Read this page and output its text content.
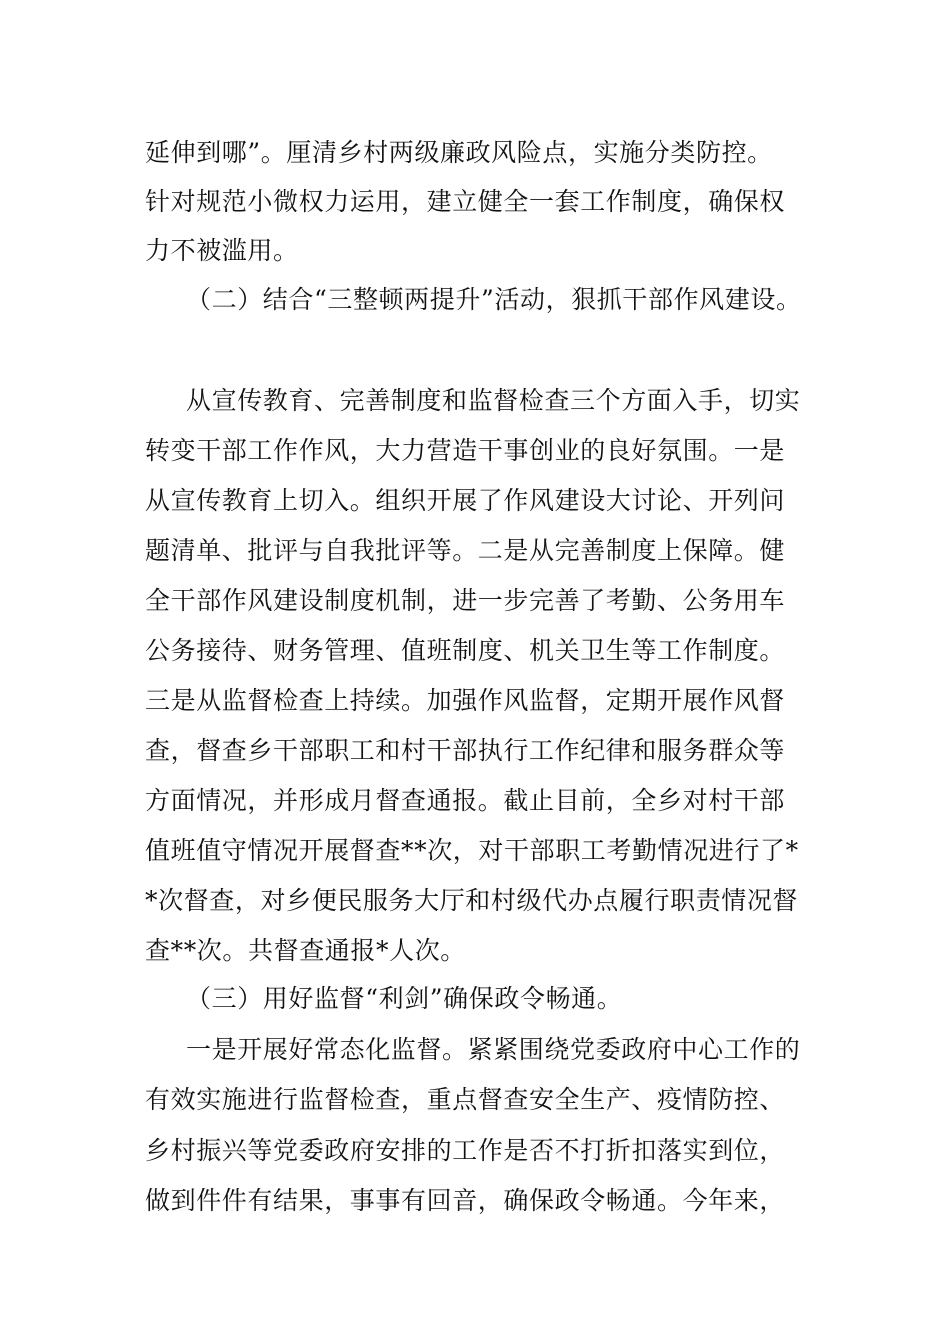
延伸到哪”。厘清乡村两级廉政风险点，实施分类防控。
针对规范小微权力运用，建立健全一套工作制度，确保权
力不被滥用。
（二）结合“三整顿两提升”活动，狠抓干部作风建设。
从宣传教育、完善制度和监督检查三个方面入手，切实
转变干部工作作风，大力营造干事创业的良好氛围。一是
从宣传教育上切入。组织开展了作风建设大讨论、开列问
题清单、批评与自我批评等。二是从完善制度上保障。健
全干部作风建设制度机制，进一步完善了考勤、公务用车
公务接待、财务管理、值班制度、机关卫生等工作制度。
三是从监督检查上持续。加强作风监督，定期开展作风督
查，督查乡干部职工和村干部执行工作纪律和服务群众等
方面情况，并形成月督查通报。截止目前，全乡对村干部
值班值守情况开展督查**次，对干部职工考勤情况进行了*
*次督查，对乡便民服务大厅和村级代办点履行职责情况督
查**次。共督查通报*人次。
（三）用好监督“利剑”确保政令畅通。
一是开展好常态化监督。紧紧围绕党委政府中心工作的
有效实施进行监督检查，重点督查安全生产、疫情防控、
乡村振兴等党委政府安排的工作是否不打折扣落实到位，
做到件件有结果，事事有回音，确保政令畅通。今年来，
